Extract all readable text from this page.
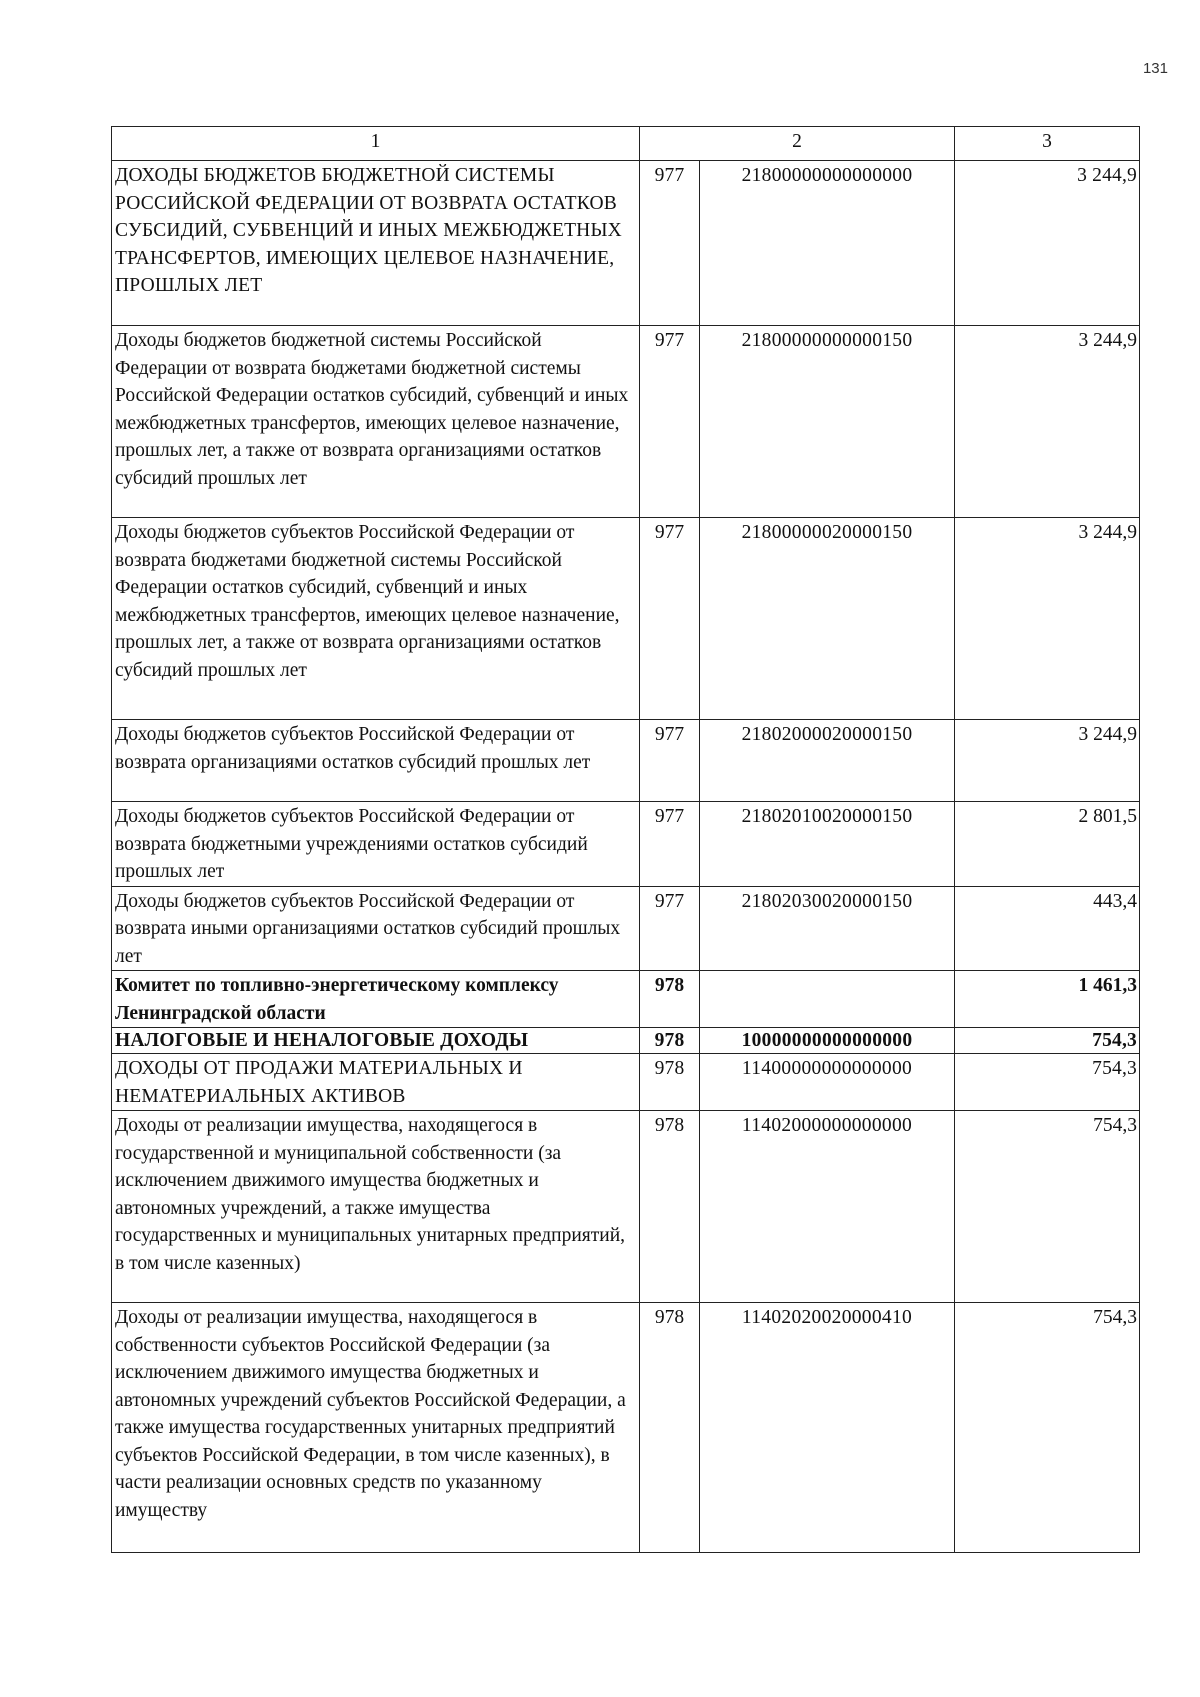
131
1	2		3
ДОХОДЫ БЮДЖЕТОВ БЮДЖЕТНОЙ СИСТЕМЫ РОССИЙСКОЙ ФЕДЕРАЦИИ ОТ ВОЗВРАТА ОСТАТКОВ СУБСИДИЙ, СУБВЕНЦИЙ И ИНЫХ МЕЖБЮДЖЕТНЫХ ТРАНСФЕРТОВ, ИМЕЮЩИХ ЦЕЛЕВОЕ НАЗНАЧЕНИЕ, ПРОШЛЫХ ЛЕТ	977	21800000000000000	3 244,9
Доходы бюджетов бюджетной системы Российской Федерации от возврата бюджетами бюджетной системы Российской Федерации остатков субсидий, субвенций и иных межбюджетных трансфертов, имеющих целевое назначение, прошлых лет, а также от возврата организациями остатков субсидий прошлых лет	977	21800000000000150	3 244,9
Доходы бюджетов субъектов Российской Федерации от возврата бюджетами бюджетной системы Российской Федерации остатков субсидий, субвенций и иных межбюджетных трансфертов, имеющих целевое назначение, прошлых лет, а также от возврата организациями остатков субсидий прошлых лет	977	21800000020000150	3 244,9
Доходы бюджетов субъектов Российской Федерации от возврата организациями остатков субсидий прошлых лет	977	21802000020000150	3 244,9
Доходы бюджетов субъектов Российской Федерации от возврата бюджетными учреждениями остатков субсидий прошлых лет	977	21802010020000150	2 801,5
Доходы бюджетов субъектов Российской Федерации от возврата иными организациями остатков субсидий прошлых лет	977	21802030020000150	443,4
Комитет по топливно-энергетическому комплексу Ленинградской области	978		1 461,3
НАЛОГОВЫЕ И НЕНАЛОГОВЫЕ ДОХОДЫ	978	10000000000000000	754,3
ДОХОДЫ ОТ ПРОДАЖИ МАТЕРИАЛЬНЫХ И НЕМАТЕРИАЛЬНЫХ АКТИВОВ	978	11400000000000000	754,3
Доходы от реализации имущества, находящегося в государственной и муниципальной собственности (за исключением движимого имущества бюджетных и автономных учреждений, а также имущества государственных и муниципальных унитарных предприятий, в том числе казенных)	978	11402000000000000	754,3
Доходы от реализации имущества, находящегося в собственности субъектов Российской Федерации (за исключением движимого имущества бюджетных и автономных учреждений субъектов Российской Федерации, а также имущества государственных унитарных предприятий субъектов Российской Федерации, в том числе казенных), в части реализации основных средств по указанному имуществу	978	11402020020000410	754,3
